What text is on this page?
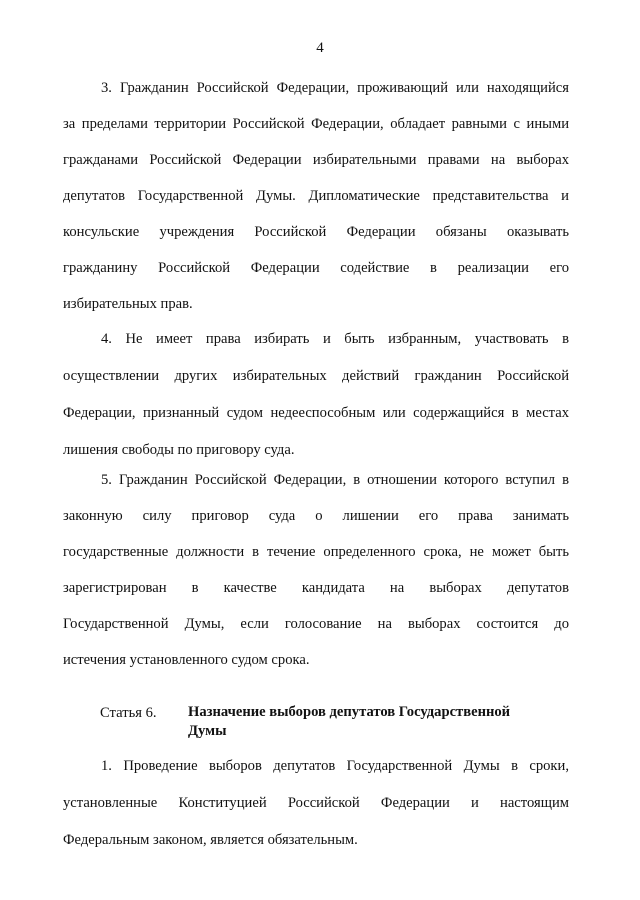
4
3. Гражданин Российской Федерации, проживающий или находящийся
за пределами территории Российской Федерации, обладает равными с иными
гражданами Российской Федерации избирательными правами на выборах
депутатов Государственной Думы. Дипломатические представительства и
консульские учреждения Российской Федерации обязаны оказывать
гражданину Российской Федерации содействие в реализации его
избирательных прав.
4. Не имеет права избирать и быть избранным, участвовать в
осуществлении других избирательных действий гражданин Российской
Федерации, признанный судом недееспособным или содержащийся в местах
лишения свободы по приговору суда.
5. Гражданин Российской Федерации, в отношении которого вступил в
законную силу приговор суда о лишении его права занимать
государственные должности в течение определенного срока, не может быть
зарегистрирован в качестве кандидата на выборах депутатов
Государственной Думы, если голосование на выборах состоится до
истечения установленного судом срока.
Статья 6. Назначение выборов депутатов Государственной Думы
1. Проведение выборов депутатов Государственной Думы в сроки,
установленные Конституцией Российской Федерации и настоящим
Федеральным законом, является обязательным.
